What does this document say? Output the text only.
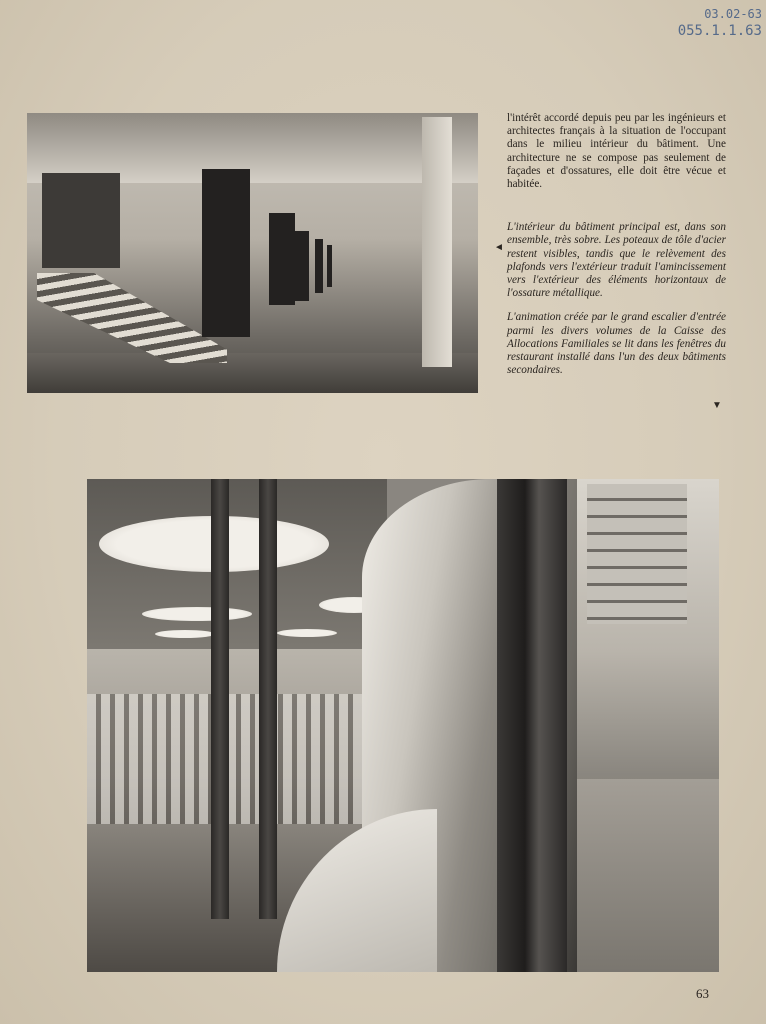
03.02-63
055.1.1.63

l'intérêt accordé depuis peu par les ingénieurs et architectes français à la situation de l'occupant dans le milieu intérieur du bâtiment. Une architecture ne se compose pas seulement de façades et d'ossatures, elle doit être vécue et habitée.

L'intérieur du bâtiment principal est, dans son ensemble, très sobre. Les poteaux de tôle d'acier restent visibles, tandis que le relèvement des plafonds vers l'extérieur traduit l'amincissement vers l'extérieur des éléments horizontaux de l'ossature métallique.

L'animation créée par le grand escalier d'entrée parmi les divers volumes de la Caisse des Allocations Familiales se lit dans les fenêtres du restaurant installé dans l'un des deux bâtiments secondaires.

◄
▼
63
